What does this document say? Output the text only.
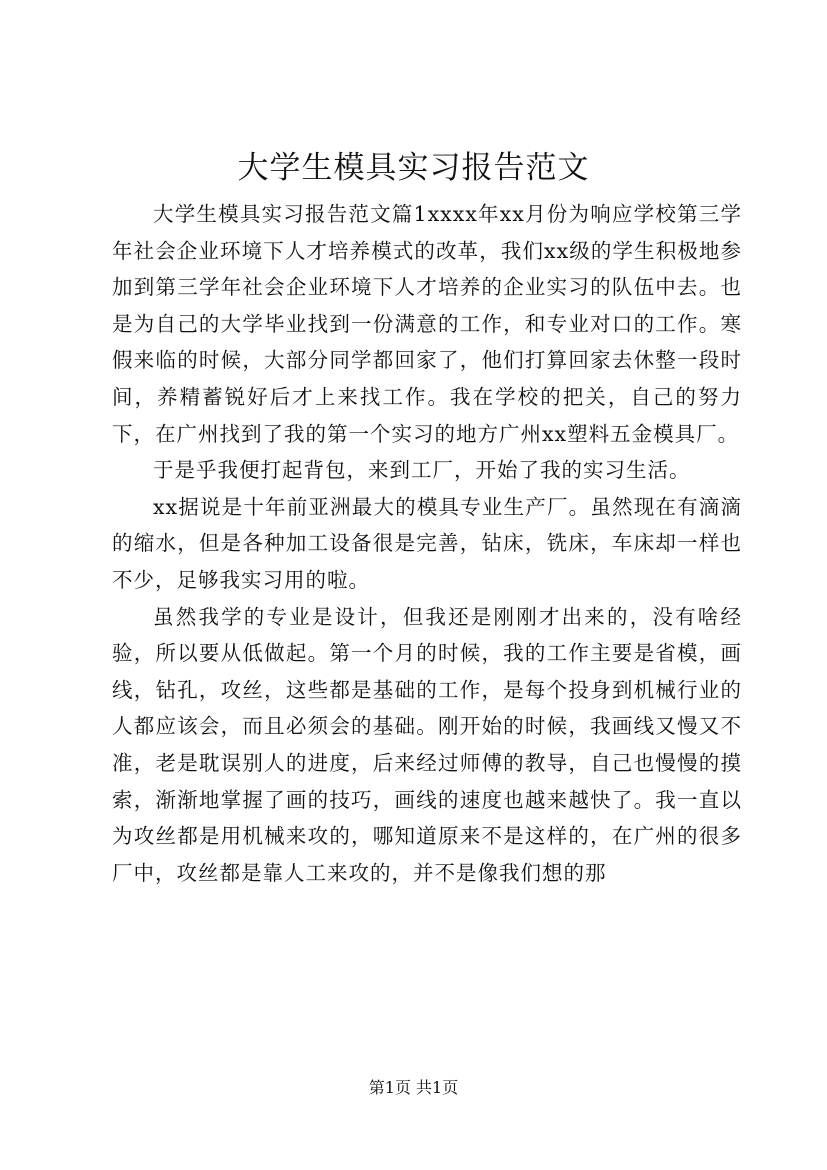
大学生模具实习报告范文

大学生模具实习报告范文篇1xxxx年xx月份为响应学校第三学年社会企业环境下人才培养模式的改革，我们xx级的学生积极地参加到第三学年社会企业环境下人才培养的企业实习的队伍中去。也是为自己的大学毕业找到一份满意的工作，和专业对口的工作。寒假来临的时候，大部分同学都回家了，他们打算回家去休整一段时间，养精蓄锐好后才上来找工作。我在学校的把关，自己的努力下，在广州找到了我的第一个实习的地方广州xx塑料五金模具厂。

于是乎我便打起背包，来到工厂，开始了我的实习生活。

xx据说是十年前亚洲最大的模具专业生产厂。虽然现在有滴滴的缩水，但是各种加工设备很是完善，钻床，铣床，车床却一样也不少，足够我实习用的啦。

虽然我学的专业是设计，但我还是刚刚才出来的，没有啥经验，所以要从低做起。第一个月的时候，我的工作主要是省模，画线，钻孔，攻丝，这些都是基础的工作，是每个投身到机械行业的人都应该会，而且必须会的基础。刚开始的时候，我画线又慢又不准，老是耽误别人的进度，后来经过师傅的教导，自己也慢慢的摸索，渐渐地掌握了画的技巧，画线的速度也越来越快了。我一直以为攻丝都是用机械来攻的，哪知道原来不是这样的，在广州的很多厂中，攻丝都是靠人工来攻的，并不是像我们想的那

第1页 共1页
